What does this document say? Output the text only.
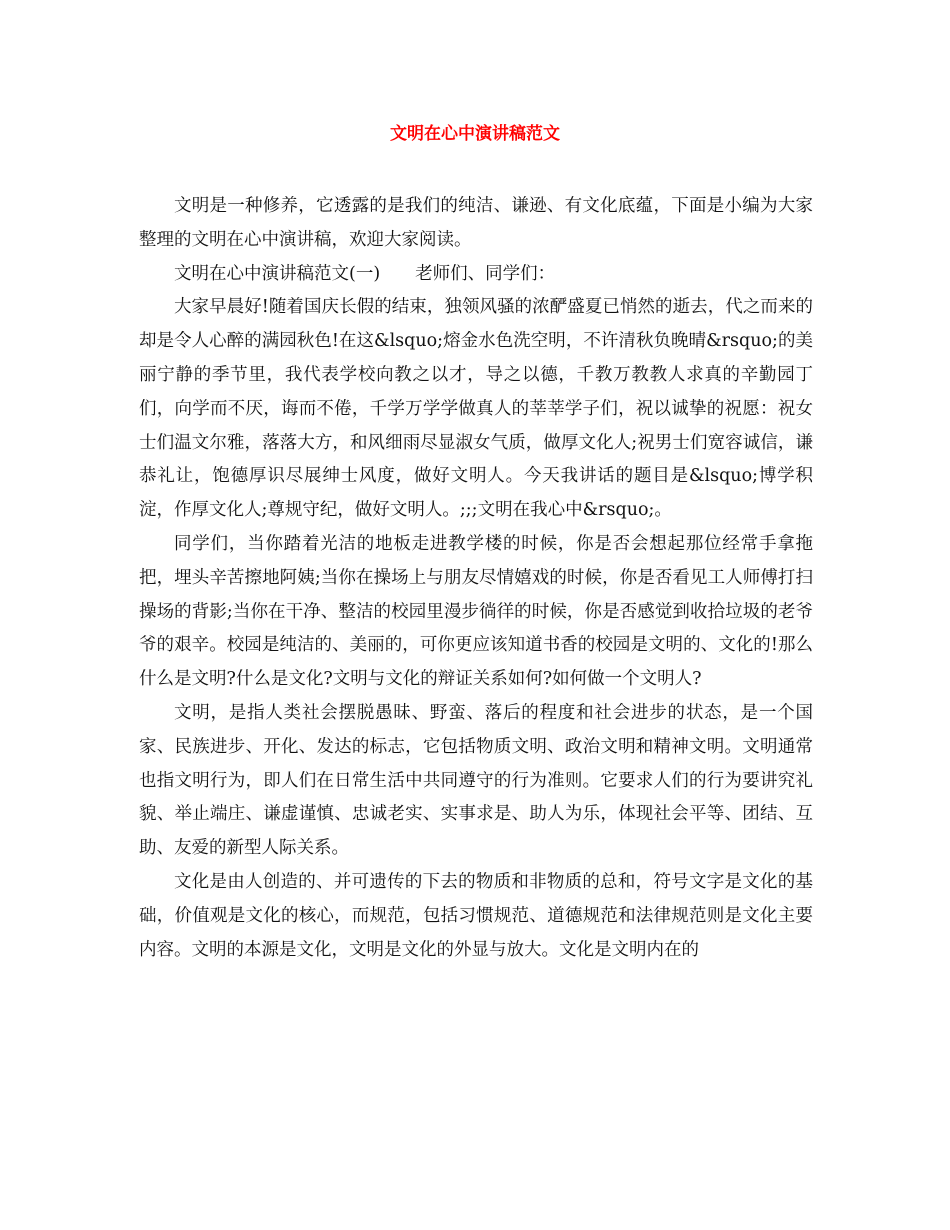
文明在心中演讲稿范文

文明是一种修养，它透露的是我们的纯洁、谦逊、有文化底蕴，下面是小编为大家整理的文明在心中演讲稿，欢迎大家阅读。

文明在心中演讲稿范文(一)　　老师们、同学们：

大家早晨好!随着国庆长假的结束，独领风骚的浓酽盛夏已悄然的逝去，代之而来的却是令人心醉的满园秋色!在这&lsquo;熔金水色洗空明，不许清秋负晚晴&rsquo;的美丽宁静的季节里，我代表学校向教之以才，导之以德，千教万教教人求真的辛勤园丁们，向学而不厌，诲而不倦，千学万学学做真人的莘莘学子们，祝以诚挚的祝愿：祝女士们温文尔雅，落落大方，和风细雨尽显淑女气质，做厚文化人;祝男士们宽容诚信，谦恭礼让，饱德厚识尽展绅士风度，做好文明人。今天我讲话的题目是&lsquo;博学积淀，作厚文化人;尊规守纪，做好文明人。;;;文明在我心中&rsquo;。

同学们，当你踏着光洁的地板走进教学楼的时候，你是否会想起那位经常手拿拖把，埋头辛苦擦地阿姨;当你在操场上与朋友尽情嬉戏的时候，你是否看见工人师傅打扫操场的背影;当你在干净、整洁的校园里漫步徜徉的时候，你是否感觉到收拾垃圾的老爷爷的艰辛。校园是纯洁的、美丽的，可你更应该知道书香的校园是文明的、文化的!那么什么是文明?什么是文化?文明与文化的辩证关系如何?如何做一个文明人?

文明，是指人类社会摆脱愚昧、野蛮、落后的程度和社会进步的状态，是一个国家、民族进步、开化、发达的标志，它包括物质文明、政治文明和精神文明。文明通常也指文明行为，即人们在日常生活中共同遵守的行为准则。它要求人们的行为要讲究礼貌、举止端庄、谦虚谨慎、忠诚老实、实事求是、助人为乐，体现社会平等、团结、互助、友爱的新型人际关系。

文化是由人创造的、并可遗传的下去的物质和非物质的总和，符号文字是文化的基础，价值观是文化的核心，而规范，包括习惯规范、道德规范和法律规范则是文化主要内容。文明的本源是文化，文明是文化的外显与放大。文化是文明内在的
